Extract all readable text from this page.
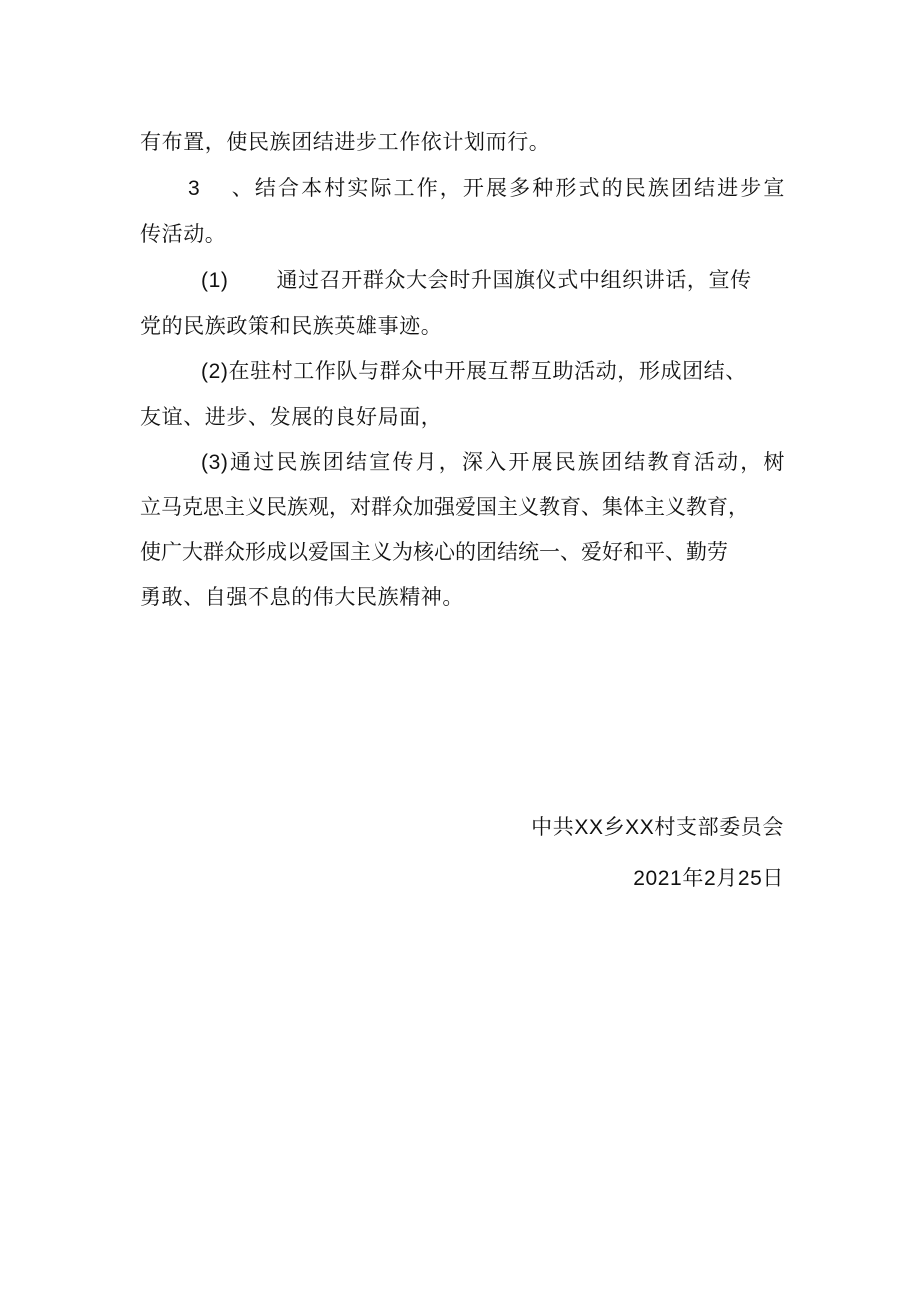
有布置，使民族团结进步工作依计划而行。
3 、结合本村实际工作，开展多种形式的民族团结进步宣
传活动。
(1) 通过召开群众大会时升国旗仪式中组织讲话，宣传
党的民族政策和民族英雄事迹。
(2)在驻村工作队与群众中开展互帮互助活动，形成团结、
友谊、进步、发展的良好局面，
(3)通过民族团结宣传月，深入开展民族团结教育活动，树
立马克思主义民族观，对群众加强爱国主义教育、集体主义教育，
使广大群众形成以爱国主义为核心的团结统一、爱好和平、勤劳
勇敢、自强不息的伟大民族精神。
中共XX乡XX村支部委员会
2021年2月25日
